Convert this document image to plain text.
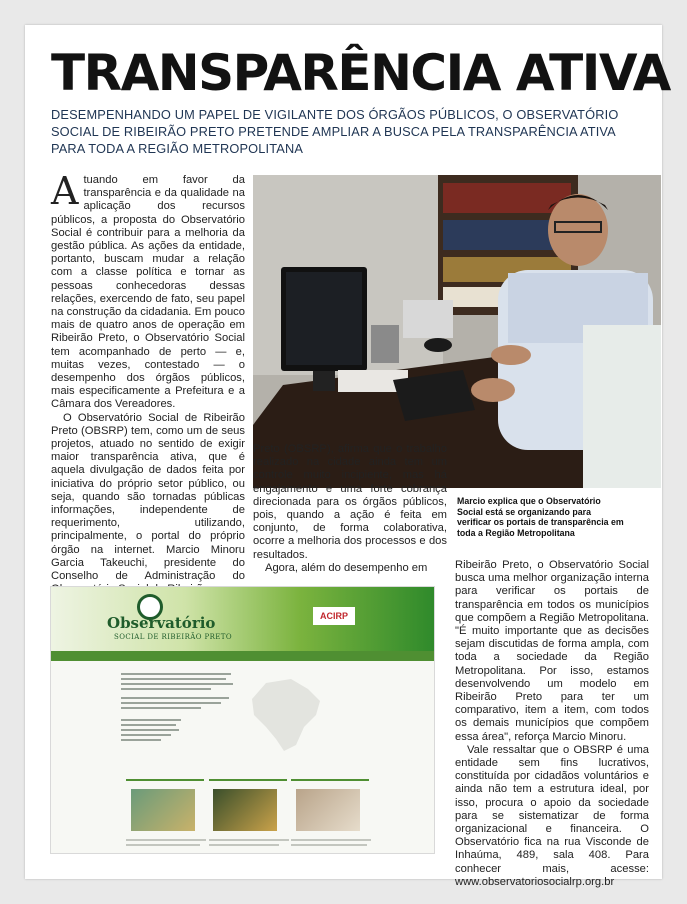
TRANSPARÊNCIA ATIVA

DESEMPENHANDO UM PAPEL DE VIGILANTE DOS ÓRGÃOS PÚBLICOS, O OBSERVATÓRIO SOCIAL DE RIBEIRÃO PRETO PRETENDE AMPLIAR A BUSCA PELA TRANSPARÊNCIA ATIVA PARA TODA A REGIÃO METROPOLITANA

Atuando em favor da transparência e da qualidade na aplicação dos recursos públicos, a proposta do Observatório Social é contribuir para a melhoria da gestão pública. As ações da entidade, portanto, buscam mudar a relação com a classe política e tornar as pessoas conhecedoras dessas relações, exercendo de fato, seu papel na construção da cidadania. Em pouco mais de quatro anos de operação em Ribeirão Preto, o Observatório Social tem acompanhado de perto — e, muitas vezes, contestado — o desempenho dos órgãos públicos, mais especificamente a Prefeitura e a Câmara dos Vereadores.

O Observatório Social de Ribeirão Preto (OBSRP) tem, como um de seus projetos, atuado no sentido de exigir maior transparência ativa, que é aquela divulgação de dados feita por iniciativa do próprio setor público, ou seja, quando são tornadas públicas informações, independente de requerimento, utilizando, principalmente, o portal do próprio órgão na internet. Marcio Minoru Garcia Takeuchi, presidente do Conselho de Administração do

Marcio explica que o Observatório Social está se organizando para verificar os portais de transparência em toda a Região Metropolitana

Preto (OBSRP), afirma que o trabalho realizado na cidade ainda tem um controle muito incipiente, mas há engajamento e uma forte cobrança direcionada para os órgãos públicos, pois, quando a ação é feita em conjunto, de forma colaborativa, ocorre a melhoria dos processos e dos resultados.

Agora, além do desempenho em	Ribeirão Preto, o Observatório Social busca uma melhor organização interna para verificar os portais de transparência em todos os municípios que compõem a Região Metropolitana. "É muito importante que as decisões sejam discutidas de forma ampla, com toda a sociedade da Região Metropolitana. Por isso, estamos desenvolvendo um modelo em Ribeirão Preto para ter um comparativo, item a item, com todos os demais municípios que compõem essa área", reforça Marcio Minoru.

Vale ressaltar que o OBSRP é uma entidade sem fins lucrativos, constituída por cidadãos voluntários e ainda não tem a estrutura ideal, por isso, procura o apoio da sociedade para se sistematizar de forma organizacional e financeira. O Observatório fica na rua Visconde de Inhaúma, 489, sala 408. Para conhecer mais, acesse: www.observatoriosocialrp.org.br

Observatório
SOCIAL DE RIBEIRÃO PRETO
ACIRP
